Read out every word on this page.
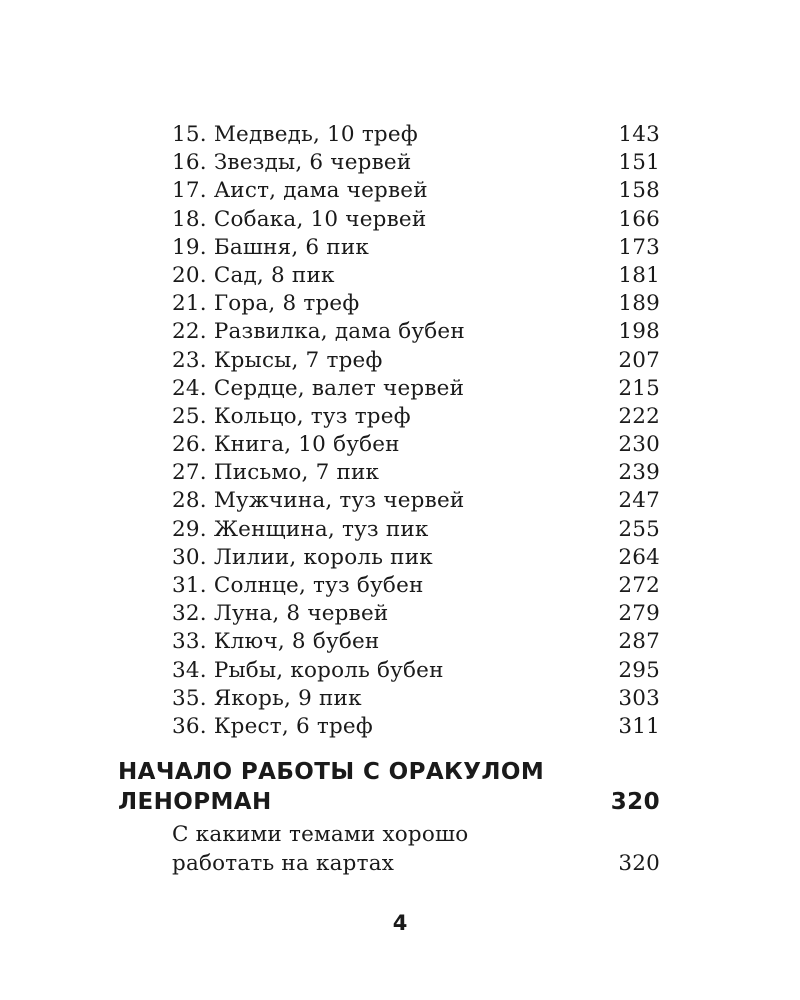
15. Медведь, 10 треф	143
16. Звезды, 6 червей	151
17. Аист, дама червей	158
18. Собака, 10 червей	166
19. Башня, 6 пик	173
20. Сад, 8 пик	181
21. Гора, 8 треф	189
22. Развилка, дама бубен	198
23. Крысы, 7 треф	207
24. Сердце, валет червей	215
25. Кольцо, туз треф	222
26. Книга, 10 бубен	230
27. Письмо, 7 пик	239
28. Мужчина, туз червей	247
29. Женщина, туз пик	255
30. Лилии, король пик	264
31. Солнце, туз бубен	272
32. Луна, 8 червей	279
33. Ключ, 8 бубен	287
34. Рыбы, король бубен	295
35. Якорь, 9 пик	303
36. Крест, 6 треф	311
НАЧАЛО РАБОТЫ С ОРАКУЛОМ
ЛЕНОРМАН	320
С какими темами хорошо
работать на картах	320
4
